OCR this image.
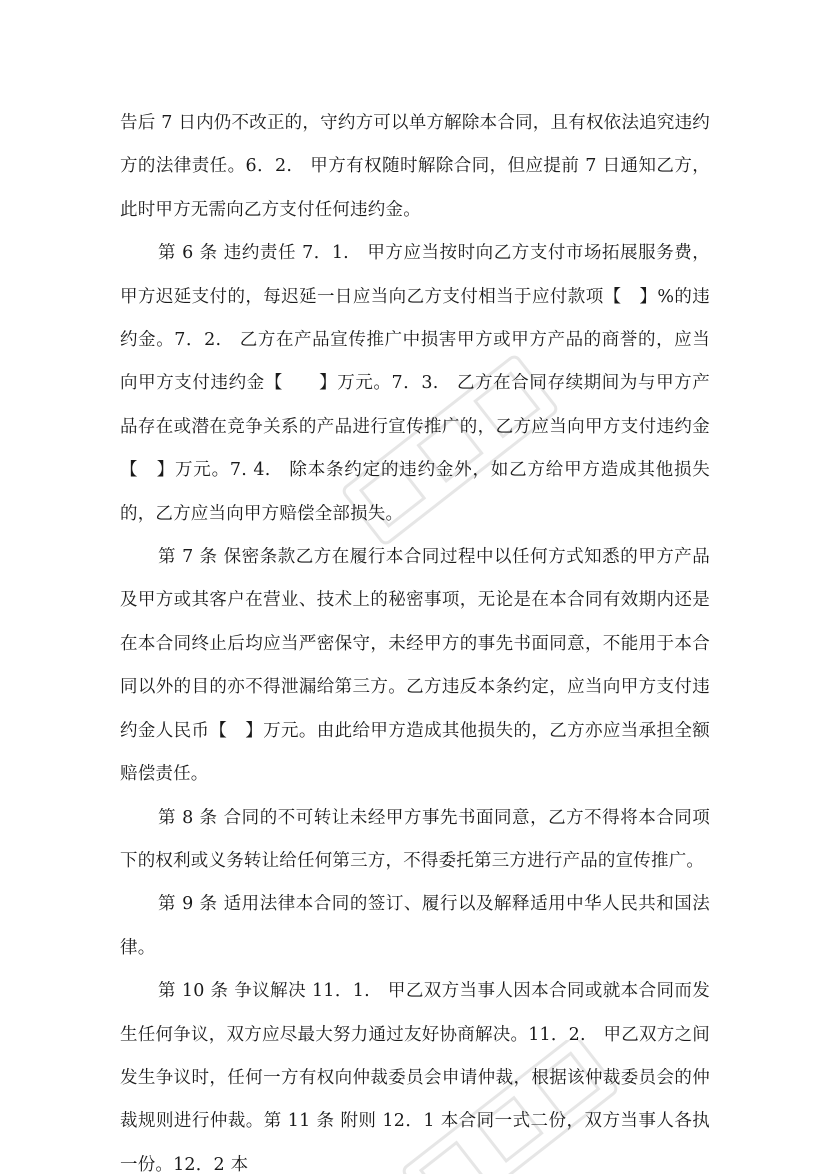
告后 7 日内仍不改正的，守约方可以单方解除本合同，且有权依法追究违约方的法律责任。6．2.　甲方有权随时解除合同，但应提前 7 日通知乙方，此时甲方无需向乙方支付任何违约金。

第 6 条 违约责任 7．1.　甲方应当按时向乙方支付市场拓展服务费，甲方迟延支付的，每迟延一日应当向乙方支付相当于应付款项【　】%的违约金。7．2.　乙方在产品宣传推广中损害甲方或甲方产品的商誉的，应当向甲方支付违约金【　　】万元。7．3.　乙方在合同存续期间为与甲方产品存在或潜在竞争关系的产品进行宣传推广的，乙方应当向甲方支付违约金【　】万元。7. 4.　除本条约定的违约金外，如乙方给甲方造成其他损失的，乙方应当向甲方赔偿全部损失。

第 7 条 保密条款乙方在履行本合同过程中以任何方式知悉的甲方产品及甲方或其客户在营业、技术上的秘密事项，无论是在本合同有效期内还是在本合同终止后均应当严密保守，未经甲方的事先书面同意，不能用于本合同以外的目的亦不得泄漏给第三方。乙方违反本条约定，应当向甲方支付违约金人民币【　】万元。由此给甲方造成其他损失的，乙方亦应当承担全额赔偿责任。

第 8 条 合同的不可转让未经甲方事先书面同意，乙方不得将本合同项下的权利或义务转让给任何第三方，不得委托第三方进行产品的宣传推广。

第 9 条 适用法律本合同的签订、履行以及解释适用中华人民共和国法律。

第 10 条 争议解决 11．1.　甲乙双方当事人因本合同或就本合同而发生任何争议，双方应尽最大努力通过友好协商解决。11．2.　甲乙双方之间发生争议时，任何一方有权向仲裁委员会申请仲裁，根据该仲裁委员会的仲裁规则进行仲裁。第 11 条 附则 12．1 本合同一式二份，双方当事人各执一份。12．2 本
